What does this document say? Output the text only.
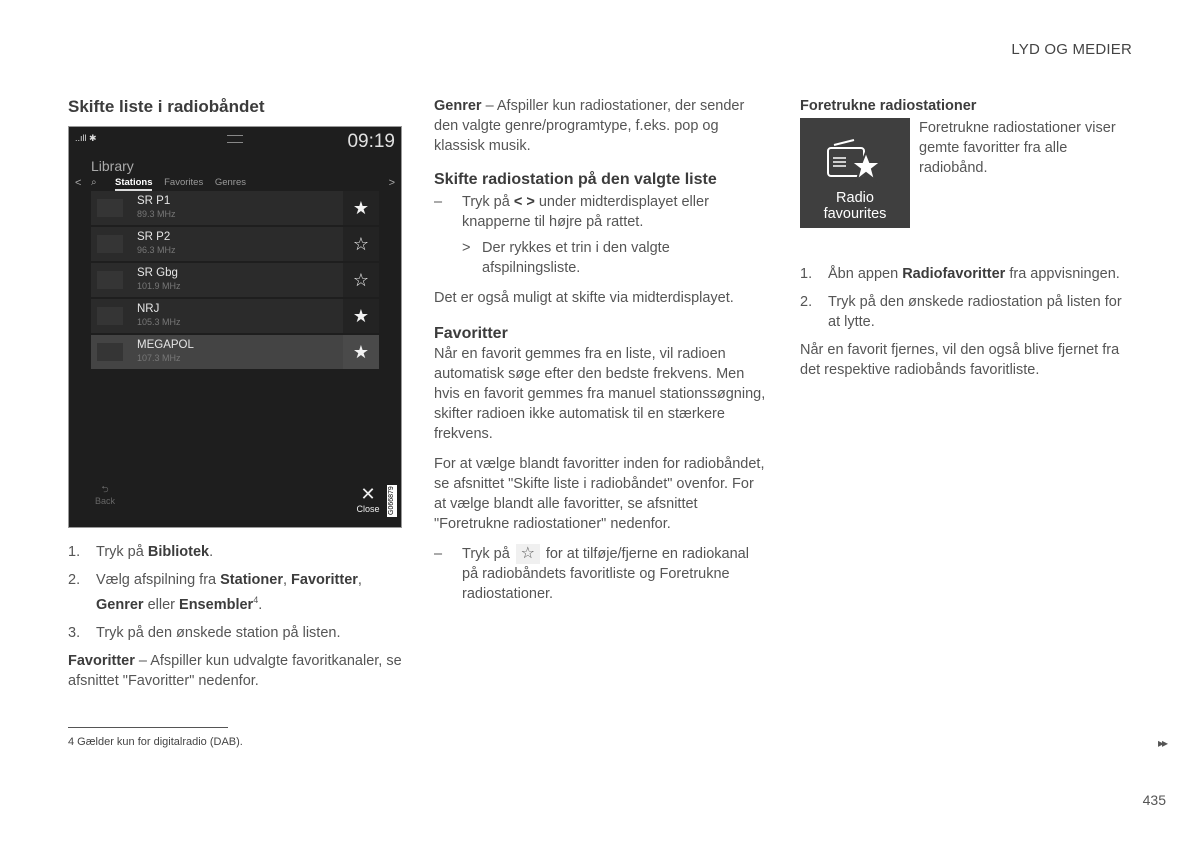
LYD OG MEDIER
Skifte liste i radiobåndet
..ıll ✱	09:19
Library
< ⌕ Stations Favorites Genres	>
SR P1
89.3 MHz	★
SR P2
96.3 MHz	☆
SR Gbg
101.9 MHz	☆
NRJ
105.3 MHz	★
MEGAPOL
107.3 MHz	★
⮌
Back	✕
Close	G066879
1.	Tryk på Bibliotek.
2.	Vælg afspilning fra Stationer, Favoritter, Genrer eller Ensembler$^4$.
3.	Tryk på den ønskede station på listen.

Favoritter – Afspiller kun udvalgte favoritkanaler, se afsnittet "Favoritter" nedenfor.

Genrer – Afspiller kun radiostationer, der sender den valgte genre/programtype, f.eks. pop og klassisk musik.

Skifte radiostation på den valgte liste
–	Tryk på < > under midterdisplayet eller knapperne til højre på rattet.
> Der rykkes et trin i den valgte afspilningsliste.

Det er også muligt at skifte via midterdisplayet.

Favoritter

Når en favorit gemmes fra en liste, vil radioen automatisk søge efter den bedste frekvens. Men hvis en favorit gemmes fra manuel stationssøgning, skifter radioen ikke automatisk til en stærkere frekvens.

For at vælge blandt favoritter inden for radiobåndet, se afsnittet "Skifte liste i radiobåndet" ovenfor. For at vælge blandt alle favoritter, se afsnittet "Foretrukne radiostationer" nedenfor.

–	Tryk på ☆ for at tilføje/fjerne en radiokanal på radiobåndets favoritliste og Foretrukne radiostationer.
Foretrukne radiostationer
Radio
favourites
Foretrukne radiostationer viser gemte favoritter fra alle radiobånd.
1.	Åbn appen Radiofavoritter fra appvisningen.
2.	Tryk på den ønskede radiostation på listen for at lytte.

Når en favorit fjernes, vil den også blive fjernet fra det respektive radiobånds favoritliste.

4 Gælder kun for digitalradio (DAB).	▸▸
435
